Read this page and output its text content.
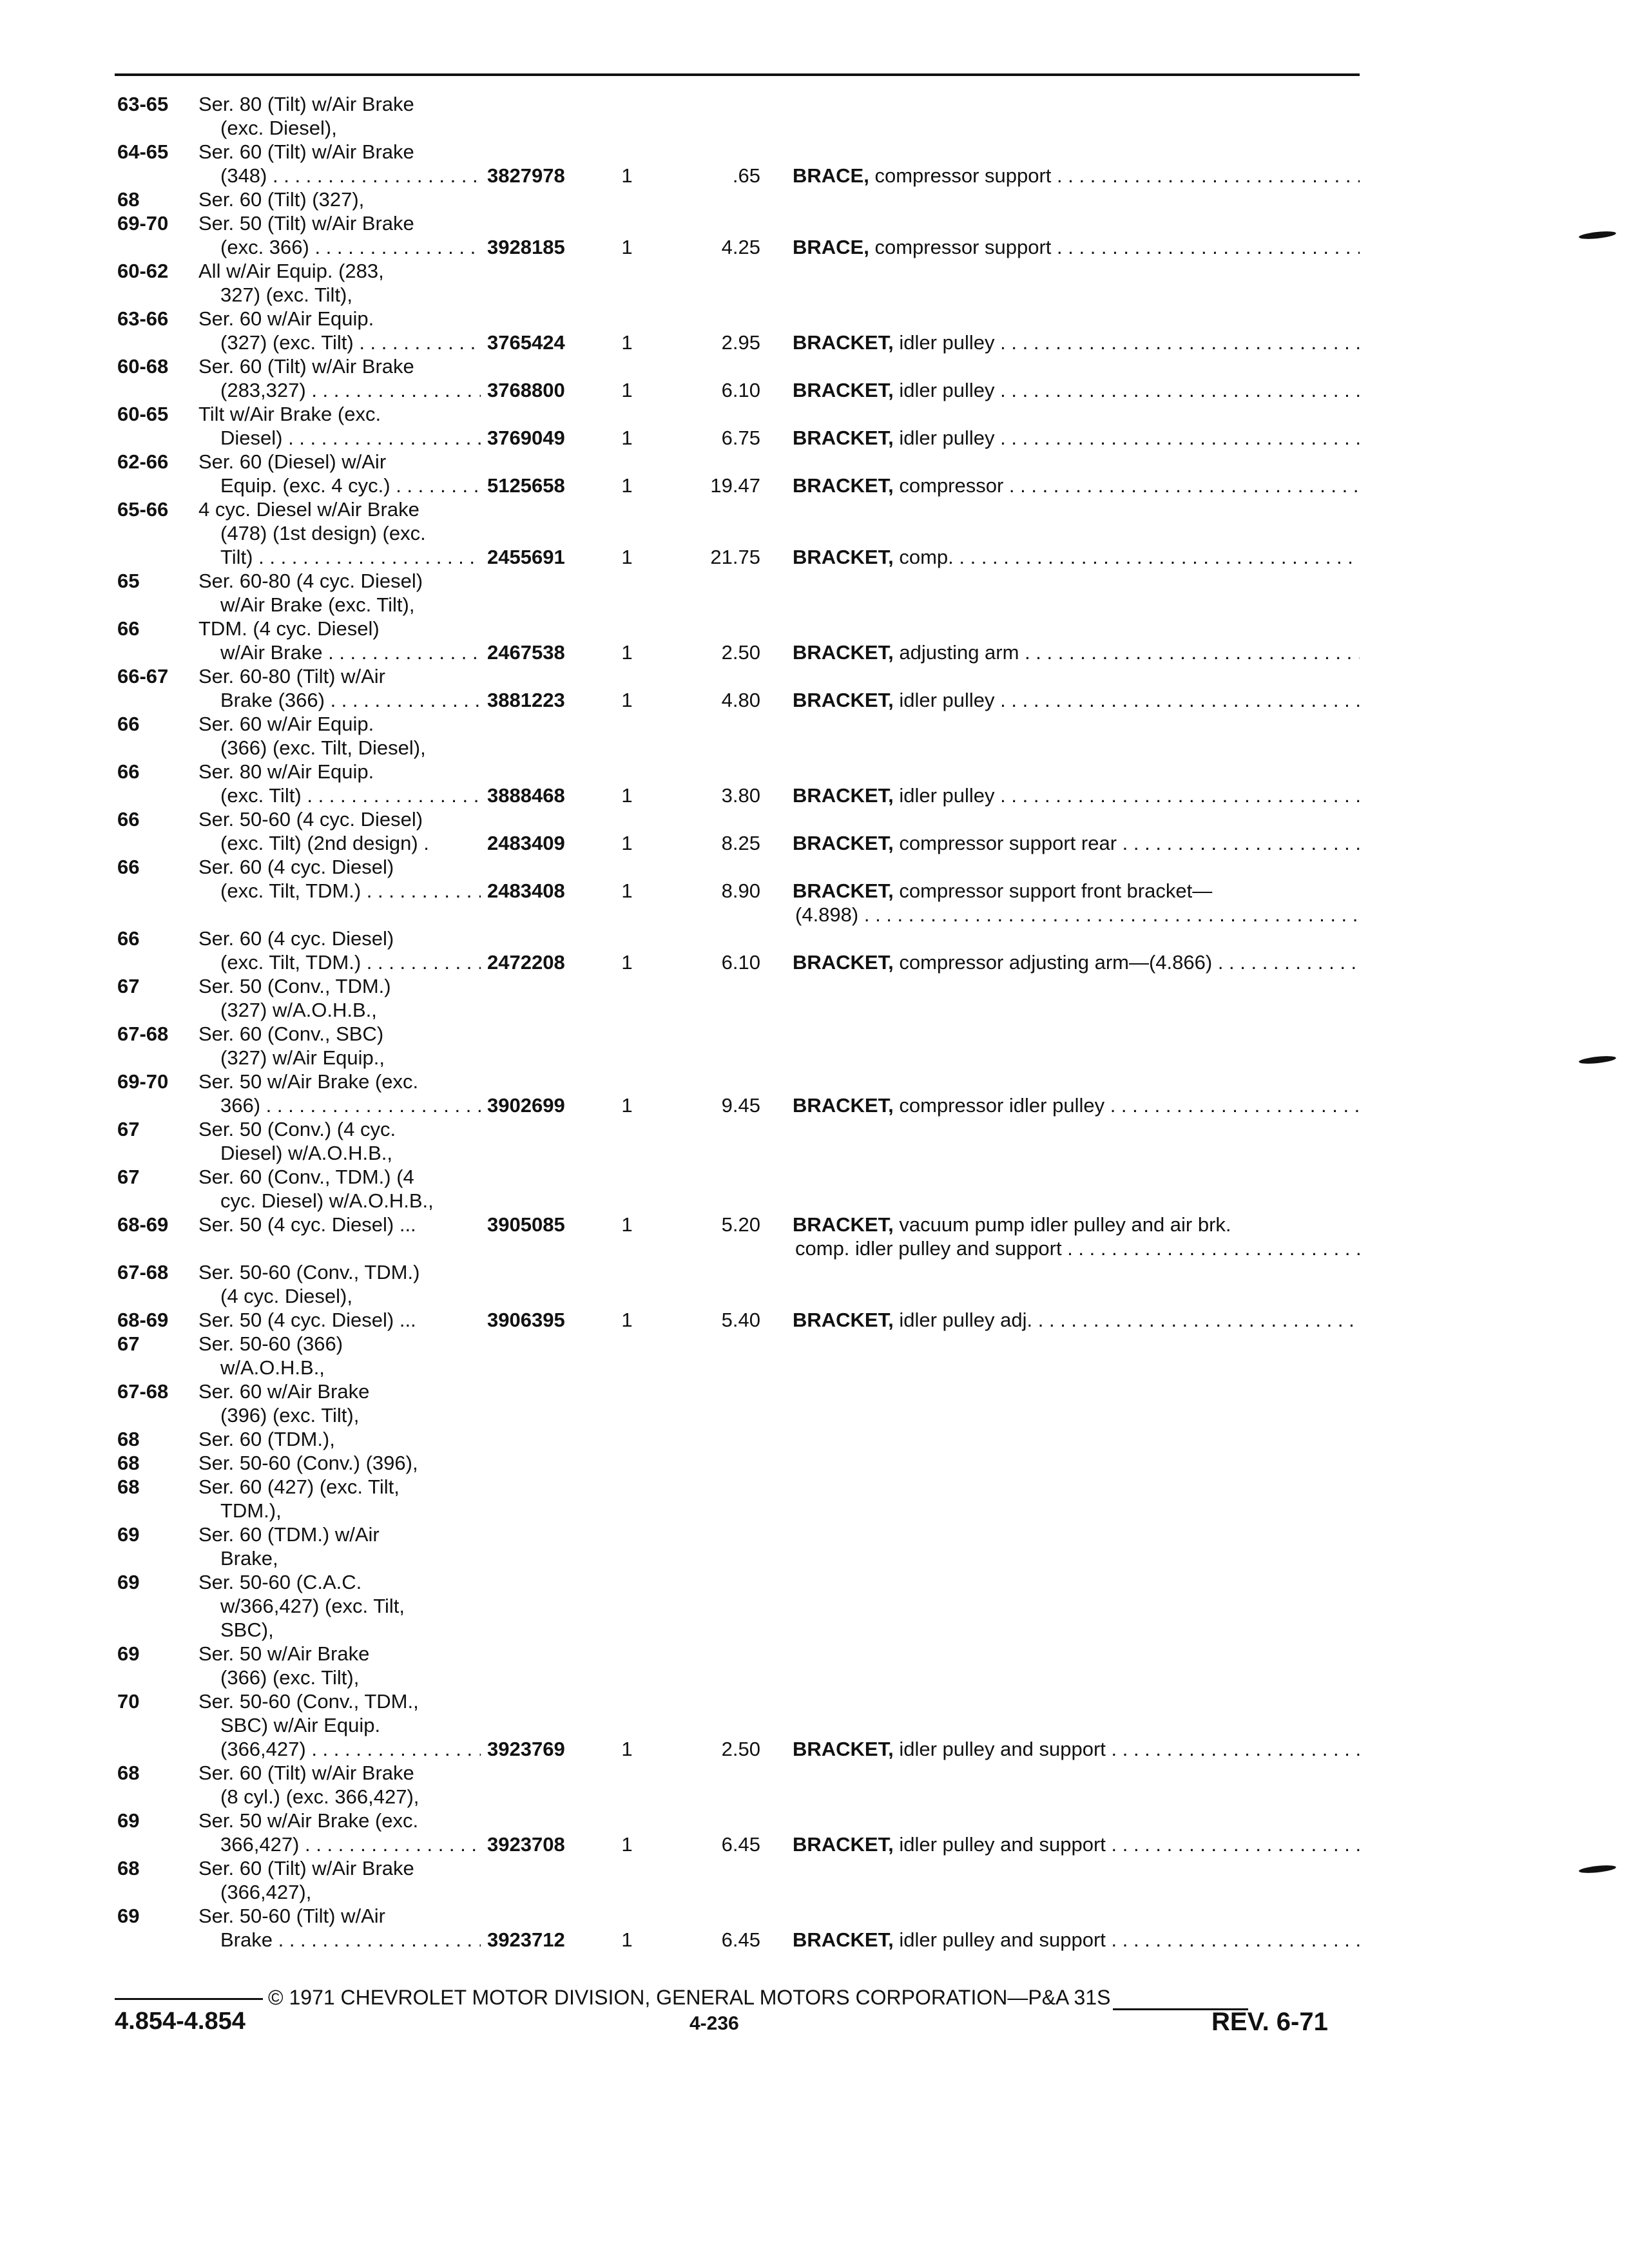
63-65 Ser. 80 (Tilt) w/Air Brake
(exc. Diesel),
64-65 Ser. 60 (Tilt) w/Air Brake
(348) . . .	3827978	1	.65 BRACE, compressor support . . .
68	Ser. 60 (Tilt) (327),
69-70 Ser. 50 (Tilt) w/Air Brake
(exc. 366) . . .	3928185	1	4.25 BRACE, compressor support . . .
60-62 All w/Air Equip. (283,
327) (exc. Tilt),
63-66 Ser. 60 w/Air Equip.
(327) (exc. Tilt) . . .	3765424	1	2.95 BRACKET, idler pulley . . .
60-68 Ser. 60 (Tilt) w/Air Brake
(283,327) . . .	3768800	1	6.10 BRACKET, idler pulley . . .
60-65 Tilt w/Air Brake (exc.
Diesel) . . .	3769049	1	6.75 BRACKET, idler pulley . . .
62-66 Ser. 60 (Diesel) w/Air
Equip. (exc. 4 cyc.) . . .	5125658	1	19.47 BRACKET, compressor . . .
65-66 4 cyc. Diesel w/Air Brake
(478) (1st design) (exc.
Tilt) . . .	2455691	1	21.75 BRACKET, comp. . . .
65	Ser. 60-80 (4 cyc. Diesel)
w/Air Brake (exc. Tilt),
66	TDM. (4 cyc. Diesel)
w/Air Brake . . .	2467538	1	2.50 BRACKET, adjusting arm . . .
66-67 Ser. 60-80 (Tilt) w/Air
Brake (366) . . .	3881223	1	4.80 BRACKET, idler pulley . . .
66	Ser. 60 w/Air Equip.
(366) (exc. Tilt, Diesel),
66	Ser. 80 w/Air Equip.
(exc. Tilt) . . .	3888468	1	3.80 BRACKET, idler pulley . . .
66	Ser. 50-60 (4 cyc. Diesel)
(exc. Tilt) (2nd design) .	2483409	1	8.25 BRACKET, compressor support rear . . .
66	Ser. 60 (4 cyc. Diesel)
(exc. Tilt, TDM.) . . .	2483408	1	8.90 BRACKET, compressor support front bracket—
(4.898) . . .
66	Ser. 60 (4 cyc. Diesel)
(exc. Tilt, TDM.) . . .	2472208	1	6.10 BRACKET, compressor adjusting arm—(4.866) . . .
67	Ser. 50 (Conv., TDM.)
(327) w/A.O.H.B.,
67-68 Ser. 60 (Conv., SBC)
(327) w/Air Equip.,
69-70 Ser. 50 w/Air Brake (exc.
366) . . .	3902699	1	9.45 BRACKET, compressor idler pulley . . .
67	Ser. 50 (Conv.) (4 cyc.
Diesel) w/A.O.H.B.,
67	Ser. 60 (Conv., TDM.) (4
cyc. Diesel) w/A.O.H.B.,
68-69 Ser. 50 (4 cyc. Diesel) ...	3905085	1	5.20 BRACKET, vacuum pump idler pulley and air brk.
comp. idler pulley and support . . .
67-68 Ser. 50-60 (Conv., TDM.)
(4 cyc. Diesel),
68-69 Ser. 50 (4 cyc. Diesel) ...	3906395	1	5.40 BRACKET, idler pulley adj. . . .
67	Ser. 50-60 (366)
w/A.O.H.B.,
67-68 Ser. 60 w/Air Brake
(396) (exc. Tilt),
68	Ser. 60 (TDM.),
68	Ser. 50-60 (Conv.) (396),
68	Ser. 60 (427) (exc. Tilt,
TDM.),
69	Ser. 60 (TDM.) w/Air
Brake,
69	Ser. 50-60 (C.A.C.
w/366,427) (exc. Tilt,
SBC),
69	Ser. 50 w/Air Brake
(366) (exc. Tilt),
70	Ser. 50-60 (Conv., TDM.,
SBC) w/Air Equip.
(366,427) . . .	3923769	1	2.50 BRACKET, idler pulley and support . . .
68	Ser. 60 (Tilt) w/Air Brake
(8 cyl.) (exc. 366,427),
69	Ser. 50 w/Air Brake (exc.
366,427) . . .	3923708	1	6.45 BRACKET, idler pulley and support . . .
68	Ser. 60 (Tilt) w/Air Brake
(366,427),
69	Ser. 50-60 (Tilt) w/Air
Brake . . .	3923712	1	6.45 BRACKET, idler pulley and support . . .
© 1971 CHEVROLET MOTOR DIVISION, GENERAL MOTORS CORPORATION—P&A 31S
4.854-4.854	4-236	REV. 6-71
